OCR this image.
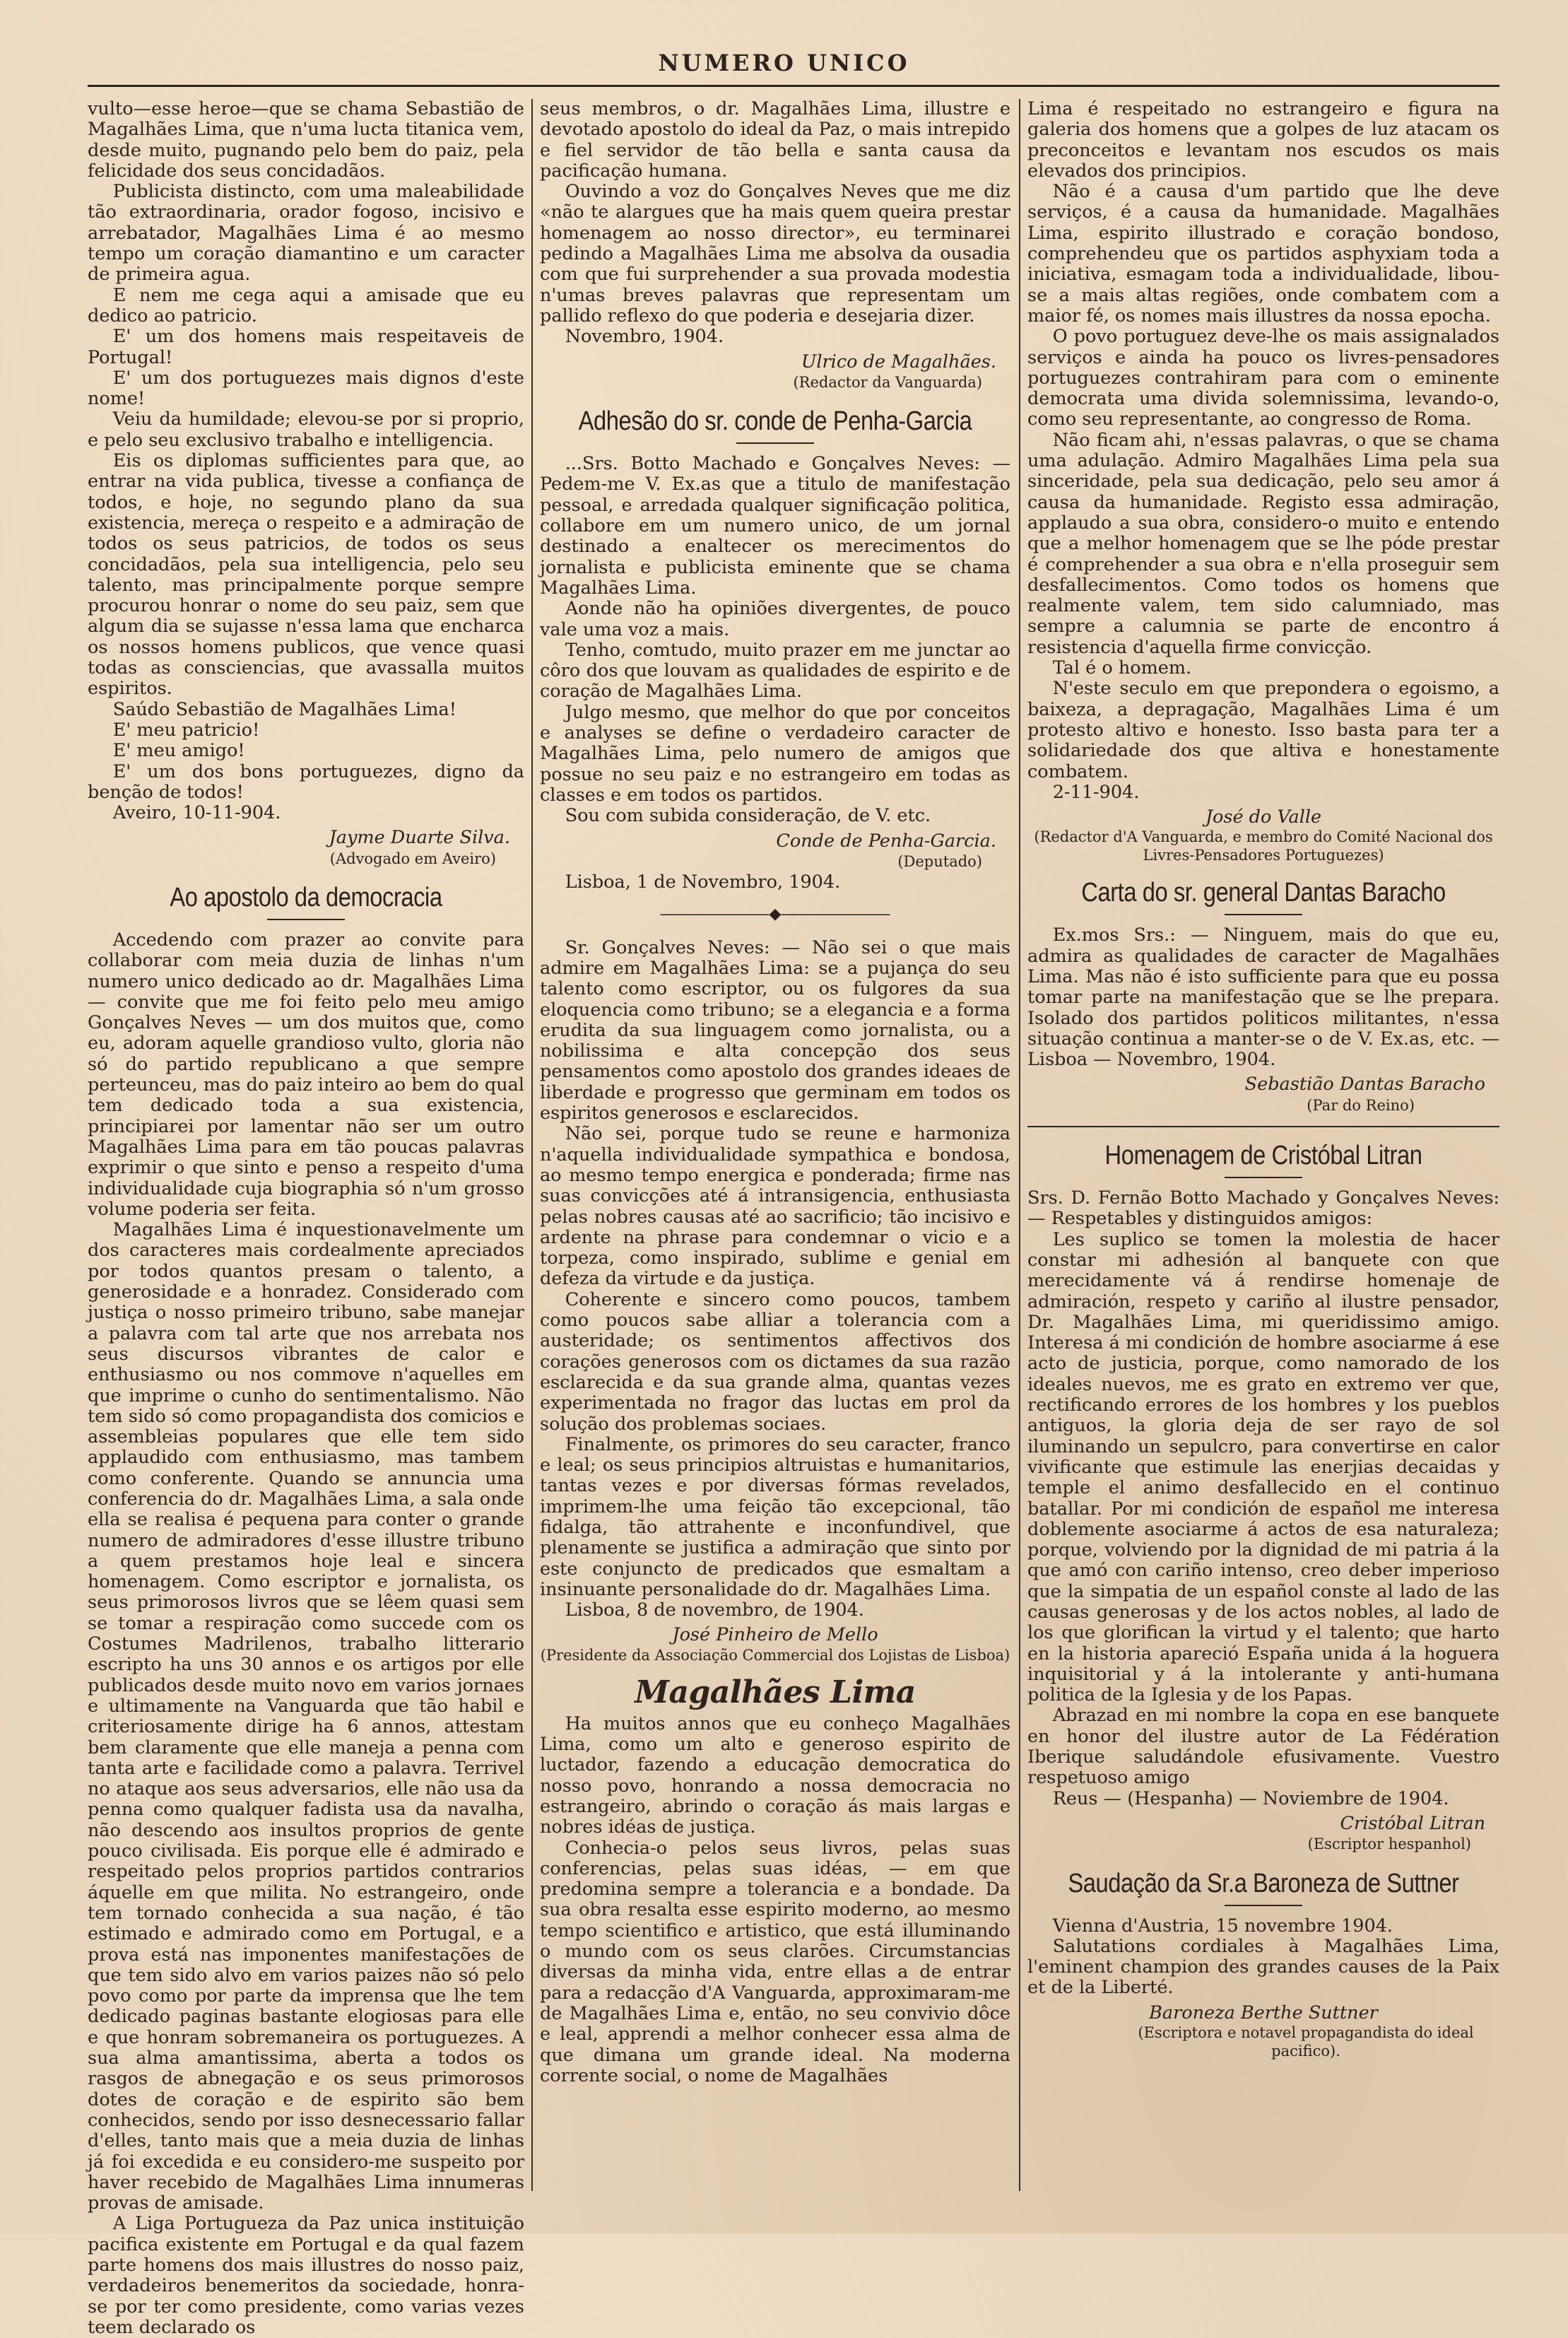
NUMERO UNICO

vulto—esse heroe—que se chama Sebastião de Magalhães Lima, que n'uma lucta titanica vem, desde muito, pugnando pelo bem do paiz, pela felicidade dos seus concidadãos.

Publicista distincto, com uma maleabilidade tão extraordinaria, orador fogoso, incisivo e arrebatador, Magalhães Lima é ao mesmo tempo um coração diamantino e um caracter de primeira agua.

E nem me cega aqui a amisade que eu dedico ao patricio.

E' um dos homens mais respeitaveis de Portugal!

E' um dos portuguezes mais dignos d'este nome!

Veiu da humildade; elevou-se por si proprio, e pelo seu exclusivo trabalho e intelligencia.

Eis os diplomas sufficientes para que, ao entrar na vida publica, tivesse a confiança de todos, e hoje, no segundo plano da sua existencia, mereça o respeito e a admiração de todos os seus patricios, de todos os seus concidadãos, pela sua intelligencia, pelo seu talento, mas principalmente porque sempre procurou honrar o nome do seu paiz, sem que algum dia se sujasse n'essa lama que encharca os nossos homens publicos, que vence quasi todas as consciencias, que avassalla muitos espiritos.

Saúdo Sebastião de Magalhães Lima!

E' meu patricio!

E' meu amigo!

E' um dos bons portuguezes, digno da benção de todos!

Aveiro, 10-11-904.

Jayme Duarte Silva.

(Advogado em Aveiro)

Ao apostolo da democracia

Accedendo com prazer ao convite para collaborar com meia duzia de linhas n'um numero unico dedicado ao dr. Magalhães Lima — convite que me foi feito pelo meu amigo Gonçalves Neves — um dos muitos que, como eu, adoram aquelle grandioso vulto, gloria não só do partido republicano a que sempre perteunceu, mas do paiz inteiro ao bem do qual tem dedicado toda a sua existencia, principiarei por lamentar não ser um outro Magalhães Lima para em tão poucas palavras exprimir o que sinto e penso a respeito d'uma individualidade cuja biographia só n'um grosso volume poderia ser feita.

Magalhães Lima é inquestionavelmente um dos caracteres mais cordealmente apreciados por todos quantos presam o talento, a generosidade e a honradez. Considerado com justiça o nosso primeiro tribuno, sabe manejar a palavra com tal arte que nos arrebata nos seus discursos vibrantes de calor e enthusiasmo ou nos commove n'aquelles em que imprime o cunho do sentimentalismo. Não tem sido só como propagandista dos comicios e assembleias populares que elle tem sido applaudido com enthusiasmo, mas tambem como conferente. Quando se annuncia uma conferencia do dr. Magalhães Lima, a sala onde ella se realisa é pequena para conter o grande numero de admiradores d'esse illustre tribuno a quem prestamos hoje leal e sincera homenagem. Como escriptor e jornalista, os seus primorosos livros que se lêem quasi sem se tomar a respiração como succede com os Costumes Madrilenos, trabalho litterario escripto ha uns 30 annos e os artigos por elle publicados desde muito novo em varios jornaes e ultimamente na Vanguarda que tão habil e criteriosamente dirige ha 6 annos, attestam bem claramente que elle maneja a penna com tanta arte e facilidade como a palavra. Terrivel no ataque aos seus adversarios, elle não usa da penna como qualquer fadista usa da navalha, não descendo aos insultos proprios de gente pouco civilisada. Eis porque elle é admirado e respeitado pelos proprios partidos contrarios áquelle em que milita. No estrangeiro, onde tem tornado conhecida a sua nação, é tão estimado e admirado como em Portugal, e a prova está nas imponentes manifestações de que tem sido alvo em varios paizes não só pelo povo como por parte da imprensa que lhe tem dedicado paginas bastante elogiosas para elle e que honram sobremaneira os portuguezes. A sua alma amantissima, aberta a todos os rasgos de abnegação e os seus primorosos dotes de coração e de espirito são bem conhecidos, sendo por isso desnecessario fallar d'elles, tanto mais que a meia duzia de linhas já foi excedida e eu considero-me suspeito por haver recebido de Magalhães Lima innumeras provas de amisade.

A Liga Portugueza da Paz unica instituição pacifica existente em Portugal e da qual fazem parte homens dos mais illustres do nosso paiz, verdadeiros benemeritos da sociedade, honra-se por ter como presidente, como varias vezes teem declarado os

seus membros, o dr. Magalhães Lima, illustre e devotado apostolo do ideal da Paz, o mais intrepido e fiel servidor de tão bella e santa causa da pacificação humana.

Ouvindo a voz do Gonçalves Neves que me diz «não te alargues que ha mais quem queira prestar homenagem ao nosso director», eu terminarei pedindo a Magalhães Lima me absolva da ousadia com que fui surprehender a sua provada modestia n'umas breves palavras que representam um pallido reflexo do que poderia e desejaria dizer.

Novembro, 1904.

Ulrico de Magalhães.

(Redactor da Vanguarda)

Adhesão do sr. conde de Penha-Garcia

...Srs. Botto Machado e Gonçalves Neves: — Pedem-me V. Ex.as que a titulo de manifestação pessoal, e arredada qualquer significação politica, collabore em um numero unico, de um jornal destinado a enaltecer os merecimentos do jornalista e publicista eminente que se chama Magalhães Lima.

Aonde não ha opiniões divergentes, de pouco vale uma voz a mais.

Tenho, comtudo, muito prazer em me junctar ao côro dos que louvam as qualidades de espirito e de coração de Magalhães Lima.

Julgo mesmo, que melhor do que por conceitos e analyses se define o verdadeiro caracter de Magalhães Lima, pelo numero de amigos que possue no seu paiz e no estrangeiro em todas as classes e em todos os partidos.

Sou com subida consideração, de V. etc.

Conde de Penha-Garcia.

(Deputado)

Lisboa, 1 de Novembro, 1904.

―――――――◆―――――――

Sr. Gonçalves Neves: — Não sei o que mais admire em Magalhães Lima: se a pujança do seu talento como escriptor, ou os fulgores da sua eloquencia como tribuno; se a elegancia e a forma erudita da sua linguagem como jornalista, ou a nobilissima e alta concepção dos seus pensamentos como apostolo dos grandes ideaes de liberdade e progresso que germinam em todos os espiritos generosos e esclarecidos.

Não sei, porque tudo se reune e harmoniza n'aquella individualidade sympathica e bondosa, ao mesmo tempo energica e ponderada; firme nas suas convicções até á intransigencia, enthusiasta pelas nobres causas até ao sacrificio; tão incisivo e ardente na phrase para condemnar o vicio e a torpeza, como inspirado, sublime e genial em defeza da virtude e da justiça.

Coherente e sincero como poucos, tambem como poucos sabe alliar a tolerancia com a austeridade; os sentimentos affectivos dos corações generosos com os dictames da sua razão esclarecida e da sua grande alma, quantas vezes experimentada no fragor das luctas em prol da solução dos problemas sociaes.

Finalmente, os primores do seu caracter, franco e leal; os seus principios altruistas e humanitarios, tantas vezes e por diversas fórmas revelados, imprimem-lhe uma feição tão excepcional, tão fidalga, tão attrahente e inconfundivel, que plenamente se justifica a admiração que sinto por este conjuncto de predicados que esmaltam a insinuante personalidade do dr. Magalhães Lima.

Lisboa, 8 de novembro, de 1904.

José Pinheiro de Mello

(Presidente da Associação Commercial dos Lojistas de Lisboa)

Magalhães Lima

Ha muitos annos que eu conheço Magalhães Lima, como um alto e generoso espirito de luctador, fazendo a educação democratica do nosso povo, honrando a nossa democracia no estrangeiro, abrindo o coração ás mais largas e nobres idéas de justiça.

Conhecia-o pelos seus livros, pelas suas conferencias, pelas suas idéas, — em que predomina sempre a tolerancia e a bondade. Da sua obra resalta esse espirito moderno, ao mesmo tempo scientifico e artistico, que está illuminando o mundo com os seus clarões. Circumstancias diversas da minha vida, entre ellas a de entrar para a redacção d'A Vanguarda, approximaram-me de Magalhães Lima e, então, no seu convivio dôce e leal, apprendi a melhor conhecer essa alma de que dimana um grande ideal. Na moderna corrente social, o nome de Magalhães

Lima é respeitado no estrangeiro e figura na galeria dos homens que a golpes de luz atacam os preconceitos e levantam nos escudos os mais elevados dos principios.

Não é a causa d'um partido que lhe deve serviços, é a causa da humanidade. Magalhães Lima, espirito illustrado e coração bondoso, comprehendeu que os partidos asphyxiam toda a iniciativa, esmagam toda a individualidade, libou-se a mais altas regiões, onde combatem com a maior fé, os nomes mais illustres da nossa epocha.

O povo portuguez deve-lhe os mais assignalados serviços e ainda ha pouco os livres-pensadores portuguezes contrahiram para com o eminente democrata uma divida solemnissima, levando-o, como seu representante, ao congresso de Roma.

Não ficam ahi, n'essas palavras, o que se chama uma adulação. Admiro Magalhães Lima pela sua sinceridade, pela sua dedicação, pelo seu amor á causa da humanidade. Registo essa admiração, applaudo a sua obra, considero-o muito e entendo que a melhor homenagem que se lhe póde prestar é comprehender a sua obra e n'ella proseguir sem desfallecimentos. Como todos os homens que realmente valem, tem sido calumniado, mas sempre a calumnia se parte de encontro á resistencia d'aquella firme convicção.

Tal é o homem.

N'este seculo em que prepondera o egoismo, a baixeza, a depragação, Magalhães Lima é um protesto altivo e honesto. Isso basta para ter a solidariedade dos que altiva e honestamente combatem.

2-11-904.

José do Valle

(Redactor d'A Vanguarda, e membro do Comité Nacional dos Livres-Pensadores Portuguezes)

Carta do sr. general Dantas Baracho

Ex.mos Srs.: — Ninguem, mais do que eu, admira as qualidades de caracter de Magalhães Lima. Mas não é isto sufficiente para que eu possa tomar parte na manifestação que se lhe prepara. Isolado dos partidos politicos militantes, n'essa situação continua a manter-se o de V. Ex.as, etc. — Lisboa — Novembro, 1904.

Sebastião Dantas Baracho

(Par do Reino)

Homenagem de Cristóbal Litran

Srs. D. Fernão Botto Machado y Gonçalves Neves: — Respetables y distinguidos amigos:

Les suplico se tomen la molestia de hacer constar mi adhesión al banquete con que merecidamente vá á rendirse homenaje de admiración, respeto y cariño al ilustre pensador, Dr. Magalhães Lima, mi queridissimo amigo. Interesa á mi condición de hombre asociarme á ese acto de justicia, porque, como namorado de los ideales nuevos, me es grato en extremo ver que, rectificando errores de los hombres y los pueblos antiguos, la gloria deja de ser rayo de sol iluminando un sepulcro, para convertirse en calor vivificante que estimule las enerjias decaidas y temple el animo desfallecido en el continuo batallar. Por mi condición de español me interesa doblemente asociarme á actos de esa naturaleza; porque, volviendo por la dignidad de mi patria á la que amó con cariño intenso, creo deber imperioso que la simpatia de un español conste al lado de las causas generosas y de los actos nobles, al lado de los que glorifican la virtud y el talento; que harto en la historia apareció España unida á la hoguera inquisitorial y á la intolerante y anti-humana politica de la Iglesia y de los Papas.

Abrazad en mi nombre la copa en ese banquete en honor del ilustre autor de La Fédération Iberique saludándole efusivamente. Vuestro respetuoso amigo

Reus — (Hespanha) — Noviembre de 1904.

Cristóbal Litran

(Escriptor hespanhol)

Saudação da Sr.a Baroneza de Suttner

Vienna d'Austria, 15 novembre 1904.

Salutations cordiales à Magalhães Lima, l'eminent champion des grandes causes de la Paix et de la Liberté.

Baroneza Berthe Suttner

(Escriptora e notavel propagandista do ideal pacifico).
